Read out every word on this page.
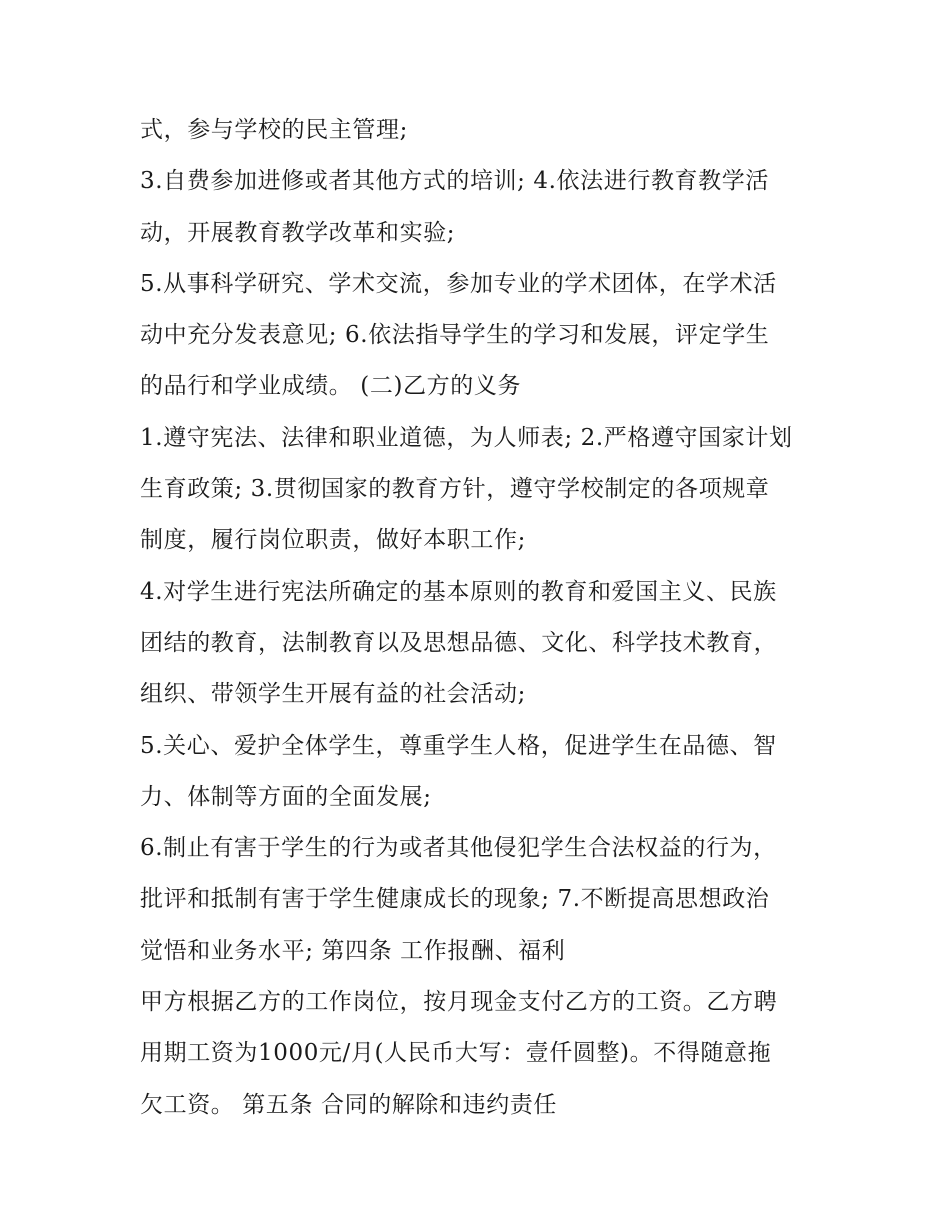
式，参与学校的民主管理;
3.自费参加进修或者其他方式的培训; 4.依法进行教育教学活
动，开展教育教学改革和实验;
5.从事科学研究、学术交流，参加专业的学术团体，在学术活
动中充分发表意见; 6.依法指导学生的学习和发展，评定学生
的品行和学业成绩。 (二)乙方的义务
1.遵守宪法、法律和职业道德，为人师表; 2.严格遵守国家计划
生育政策; 3.贯彻国家的教育方针，遵守学校制定的各项规章
制度，履行岗位职责，做好本职工作;
4.对学生进行宪法所确定的基本原则的教育和爱国主义、民族
团结的教育，法制教育以及思想品德、文化、科学技术教育，
组织、带领学生开展有益的社会活动;
5.关心、爱护全体学生，尊重学生人格，促进学生在品德、智
力、体制等方面的全面发展;
6.制止有害于学生的行为或者其他侵犯学生合法权益的行为，
批评和抵制有害于学生健康成长的现象; 7.不断提高思想政治
觉悟和业务水平; 第四条 工作报酬、福利
甲方根据乙方的工作岗位，按月现金支付乙方的工资。乙方聘
用期工资为1000元/月(人民币大写：壹仟圆整)。不得随意拖
欠工资。 第五条 合同的解除和违约责任
